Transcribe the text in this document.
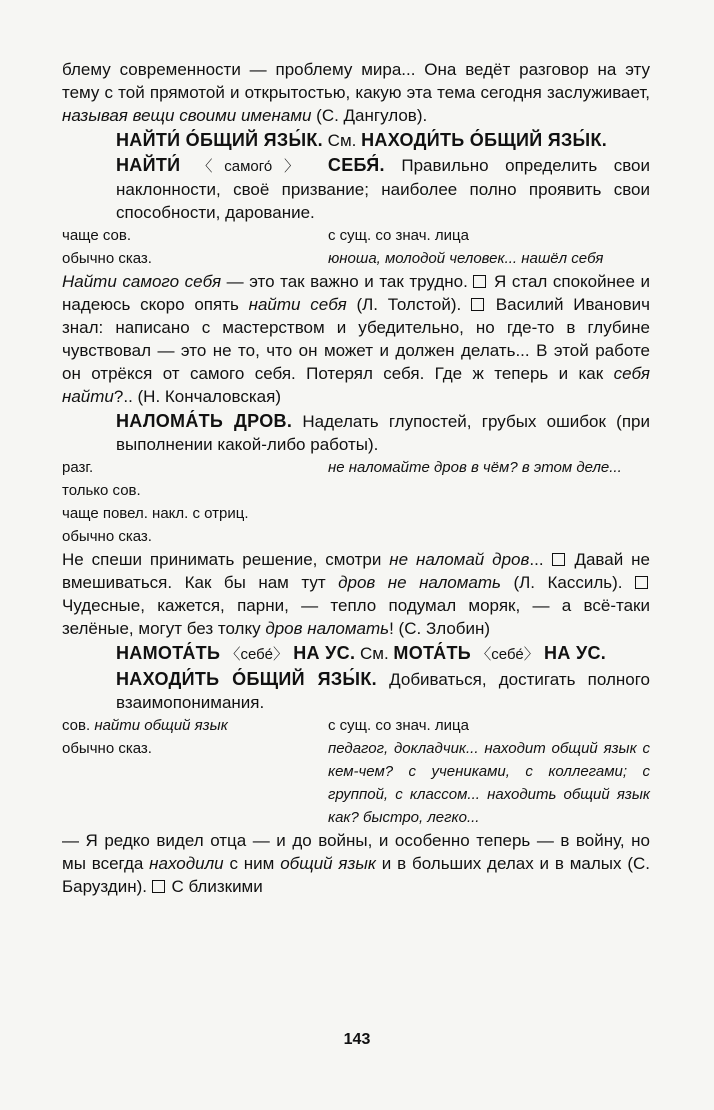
блему современности — проблему мира... Она ведёт разговор на эту тему с той прямотой и открытостью, какую эта тема сегодня заслуживает, называя вещи своими именами (С. Дангулов).

НАЙТИ́ О́БЩИЙ ЯЗЫ́К. См. НАХОДИ́ТЬ О́БЩИЙ ЯЗЫ́К.

НАЙТИ́ 〈самого́〉 СЕБЯ́. Правильно определить свои наклонности, своё призвание; наиболее полно проявить свои способности, дарование.

чаще сов.
обычно сказ.
с сущ. со знач. лица
юноша, молодой человек... нашёл себя

Найти самого себя — это так важно и так трудно.  Я стал спокойнее и надеюсь скоро опять найти себя (Л. Толстой).  Василий Иванович знал: написано с мастерством и убедительно, но где-то в глубине чувствовал — это не то, что он может и должен делать... В этой работе он отрёкся от самого себя. Потерял себя. Где ж теперь и как себя найти?.. (Н. Кончаловская)

НАЛОМА́ТЬ ДРОВ. Наделать глупостей, грубых ошибок (при выполнении какой-либо работы).

разг.
только сов.
не наломайте дров в чём? в этом деле...
чаще повел. накл. с отриц.
обычно сказ.

Не спеши принимать решение, смотри не наломай дров...  Давай не вмешиваться. Как бы нам тут дров не наломать (Л. Кассиль).  Чудесные, кажется, парни, — тепло подумал моряк, — а всё-таки зелёные, могут без толку дров наломать! (С. Злобин)

НАМОТА́ТЬ 〈себе́〉 НА УС. См. МОТА́ТЬ 〈себе́〉 НА УС.

НАХОДИ́ТЬ О́БЩИЙ ЯЗЫ́К. Добиваться, достигать полного взаимопонимания.

сов. найти общий язык
обычно сказ.
с сущ. со знач. лица
педагог, докладчик... находит общий язык с кем-чем? с учениками, с коллегами; с группой, с классом... находить общий язык как? быстро, легко...

— Я редко видел отца — и до войны, и особенно теперь — в войну, но мы всегда находили с ним общий язык и в больших делах и в малых (С. Баруздин).  С близкими

143
